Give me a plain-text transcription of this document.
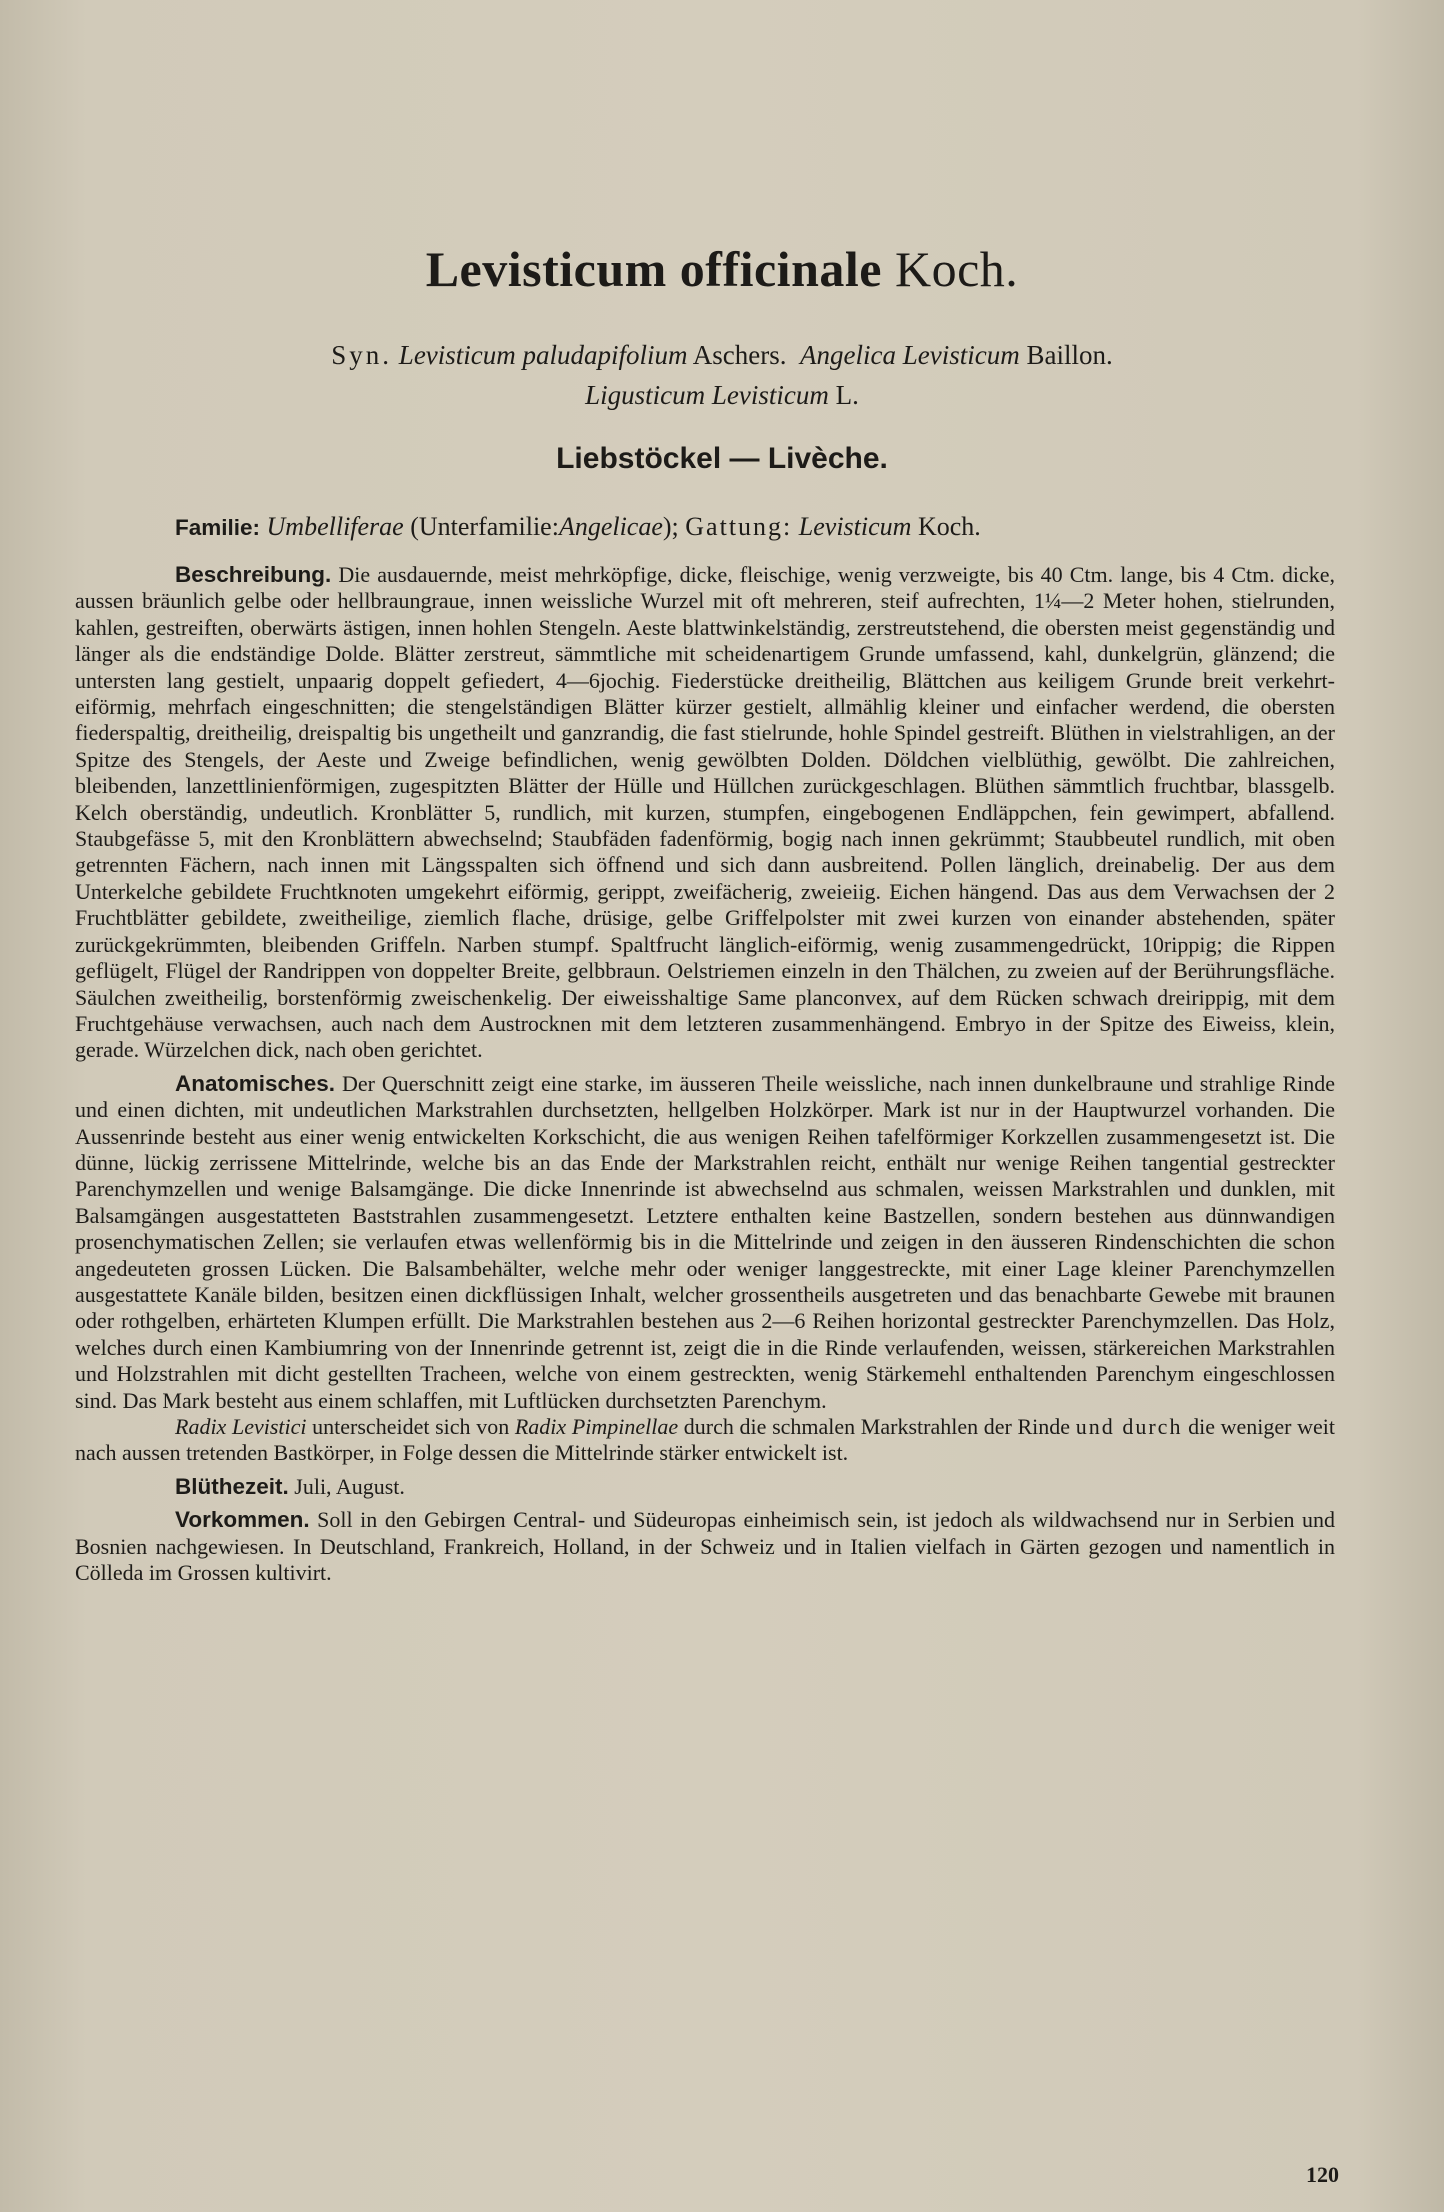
Levisticum officinale Koch.
Syn. Levisticum paludapifolium Aschers. Angelica Levisticum Baillon.
Ligusticum Levisticum L.
Liebstöckel — Livèche.
Familie: Umbelliferae (Unterfamilie:Angelicae); Gattung: Levisticum Koch.

Beschreibung. Die ausdauernde, meist mehrköpfige, dicke, fleischige, wenig verzweigte, bis 40 Ctm. lange, bis 4 Ctm. dicke, aussen bräunlich gelbe oder hellbraungraue, innen weissliche Wurzel mit oft mehreren, steif aufrechten, 1¼—2 Meter hohen, stielrunden, kahlen, gestreiften, oberwärts ästigen, innen hohlen Stengeln. Aeste blattwinkelständig, zerstreutstehend, die obersten meist gegenständig und länger als die endständige Dolde. Blätter zerstreut, sämmtliche mit scheidenartigem Grunde umfassend, kahl, dunkelgrün, glänzend; die untersten lang gestielt, unpaarig doppelt gefiedert, 4—6jochig. Fiederstücke dreitheilig, Blättchen aus keiligem Grunde breit verkehrt-eiförmig, mehrfach eingeschnitten; die stengelständigen Blätter kürzer gestielt, allmählig kleiner und einfacher werdend, die obersten fiederspaltig, dreitheilig, dreispaltig bis ungetheilt und ganzrandig, die fast stielrunde, hohle Spindel gestreift. Blüthen in vielstrahligen, an der Spitze des Stengels, der Aeste und Zweige befindlichen, wenig gewölbten Dolden. Döldchen vielblüthig, gewölbt. Die zahlreichen, bleibenden, lanzettlinienförmigen, zugespitzten Blätter der Hülle und Hüllchen zurückgeschlagen. Blüthen sämmtlich fruchtbar, blassgelb. Kelch oberständig, undeutlich. Kronblätter 5, rundlich, mit kurzen, stumpfen, eingebogenen Endläppchen, fein gewimpert, abfallend. Staubgefässe 5, mit den Kronblättern abwechselnd; Staubfäden fadenförmig, bogig nach innen gekrümmt; Staubbeutel rundlich, mit oben getrennten Fächern, nach innen mit Längsspalten sich öffnend und sich dann ausbreitend. Pollen länglich, dreinabelig. Der aus dem Unterkelche gebildete Fruchtknoten umgekehrt eiförmig, gerippt, zweifächerig, zweieiig. Eichen hängend. Das aus dem Verwachsen der 2 Fruchtblätter gebildete, zweitheilige, ziemlich flache, drüsige, gelbe Griffelpolster mit zwei kurzen von einander abstehenden, später zurückgekrümmten, bleibenden Griffeln. Narben stumpf. Spaltfrucht länglich-eiförmig, wenig zusammengedrückt, 10rippig; die Rippen geflügelt, Flügel der Randrippen von doppelter Breite, gelbbraun. Oelstriemen einzeln in den Thälchen, zu zweien auf der Berührungsfläche. Säulchen zweitheilig, borstenförmig zweischenkelig. Der eiweisshaltige Same planconvex, auf dem Rücken schwach dreirippig, mit dem Fruchtgehäuse verwachsen, auch nach dem Austrocknen mit dem letzteren zusammenhängend. Embryo in der Spitze des Eiweiss, klein, gerade. Würzelchen dick, nach oben gerichtet.

Anatomisches. Der Querschnitt zeigt eine starke, im äusseren Theile weissliche, nach innen dunkelbraune und strahlige Rinde und einen dichten, mit undeutlichen Markstrahlen durchsetzten, hellgelben Holzkörper. Mark ist nur in der Hauptwurzel vorhanden. Die Aussenrinde besteht aus einer wenig entwickelten Korkschicht, die aus wenigen Reihen tafelförmiger Korkzellen zusammengesetzt ist. Die dünne, lückig zerrissene Mittelrinde, welche bis an das Ende der Markstrahlen reicht, enthält nur wenige Reihen tangential gestreckter Parenchymzellen und wenige Balsamgänge. Die dicke Innenrinde ist abwechselnd aus schmalen, weissen Markstrahlen und dunklen, mit Balsamgängen ausgestatteten Baststrahlen zusammengesetzt. Letztere enthalten keine Bastzellen, sondern bestehen aus dünnwandigen prosenchymatischen Zellen; sie verlaufen etwas wellenförmig bis in die Mittelrinde und zeigen in den äusseren Rindenschichten die schon angedeuteten grossen Lücken. Die Balsambehälter, welche mehr oder weniger langgestreckte, mit einer Lage kleiner Parenchymzellen ausgestattete Kanäle bilden, besitzen einen dickflüssigen Inhalt, welcher grossentheils ausgetreten und das benachbarte Gewebe mit braunen oder rothgelben, erhärteten Klumpen erfüllt. Die Markstrahlen bestehen aus 2—6 Reihen horizontal gestreckter Parenchymzellen. Das Holz, welches durch einen Kambiumring von der Innenrinde getrennt ist, zeigt die in die Rinde verlaufenden, weissen, stärkereichen Markstrahlen und Holzstrahlen mit dicht gestellten Tracheen, welche von einem gestreckten, wenig Stärkemehl enthaltenden Parenchym eingeschlossen sind. Das Mark besteht aus einem schlaffen, mit Luftlücken durchsetzten Parenchym.

Radix Levistici unterscheidet sich von Radix Pimpinellae durch die schmalen Markstrahlen der Rinde und durch die weniger weit nach aussen tretenden Bastkörper, in Folge dessen die Mittelrinde stärker entwickelt ist.

Blüthezeit. Juli, August.

Vorkommen. Soll in den Gebirgen Central- und Südeuropas einheimisch sein, ist jedoch als wildwachsend nur in Serbien und Bosnien nachgewiesen. In Deutschland, Frankreich, Holland, in der Schweiz und in Italien vielfach in Gärten gezogen und namentlich in Cölleda im Grossen kultivirt.

120
